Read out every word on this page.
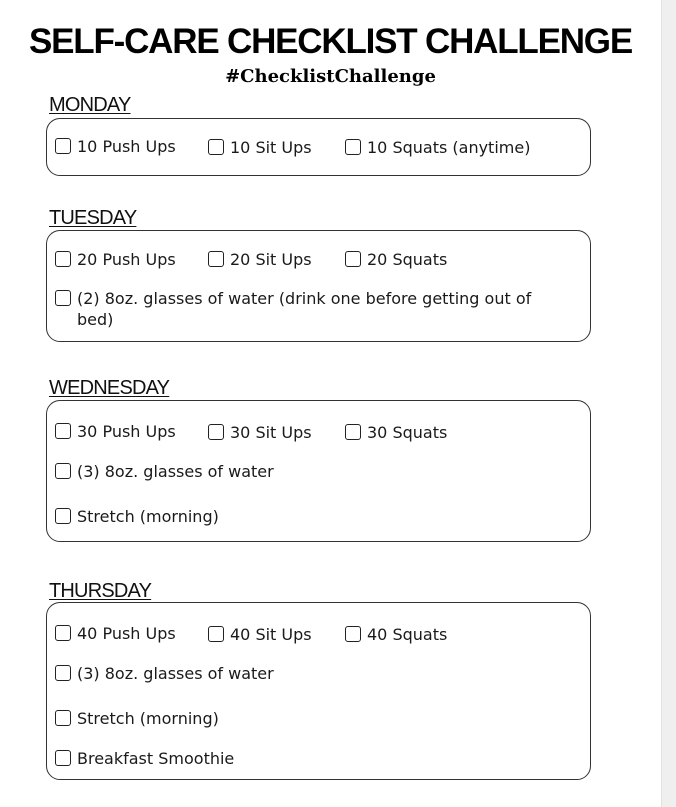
SELF-CARE CHECKLIST CHALLENGE
#ChecklistChallenge
MONDAY
10 Push Ups	10 Sit Ups	10 Squats (anytime)
TUESDAY
20 Push Ups	20 Sit Ups	20 Squats
(2) 8oz. glasses of water (drink one before getting out of bed)
WEDNESDAY
30 Push Ups	30 Sit Ups	30 Squats
(3) 8oz. glasses of water
Stretch (morning)
THURSDAY
40 Push Ups	40 Sit Ups	40 Squats
(3) 8oz. glasses of water
Stretch (morning)
Breakfast Smoothie
